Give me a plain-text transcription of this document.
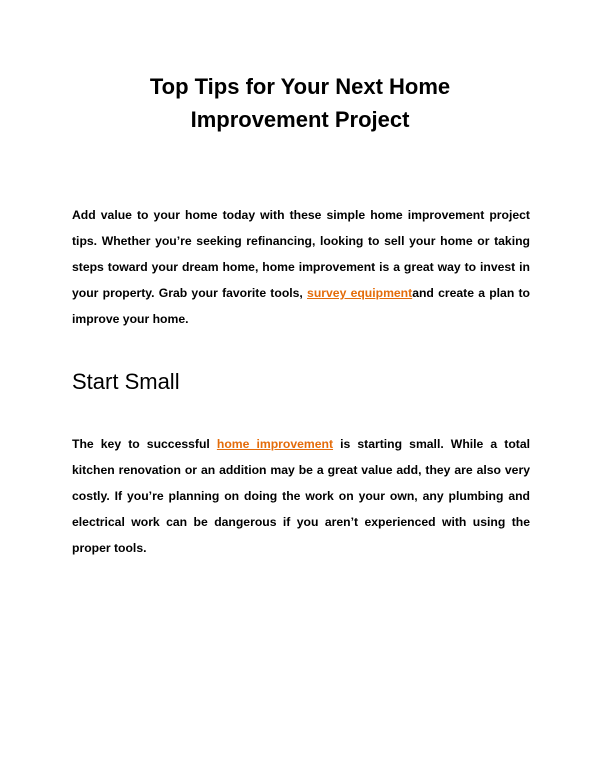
Top Tips for Your Next Home
Improvement Project

Add value to your home today with these simple home improvement project tips. Whether you’re seeking refinancing, looking to sell your home or taking steps toward your dream home, home improvement is a great way to invest in your property. Grab your favorite tools, survey equipmentand create a plan to improve your home.

Start Small

The key to successful home improvement is starting small. While a total kitchen renovation or an addition may be a great value add, they are also very costly. If you’re planning on doing the work on your own, any plumbing and electrical work can be dangerous if you aren’t experienced with using the proper tools.
